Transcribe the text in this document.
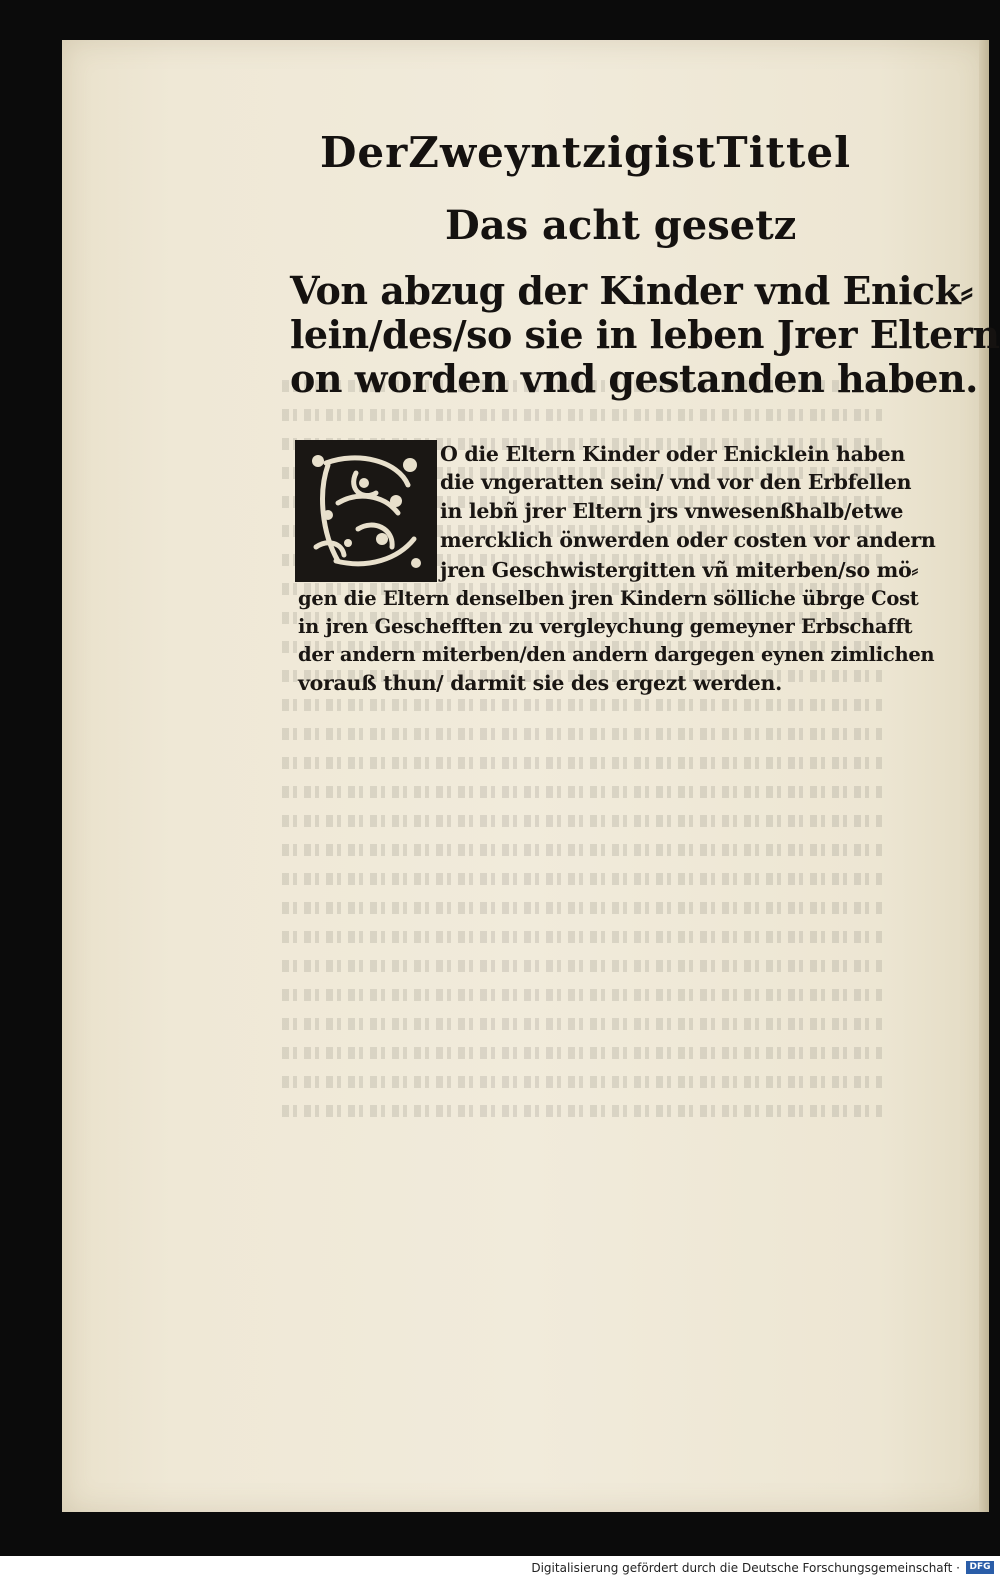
Der Zweyntzigist Tittel
Das acht gesetz
Von abzug der Kinder vnd Enick⸗
lein/des/so sie in leben Jrer Eltern
on worden vnd gestanden haben.
O die Eltern Kinder oder Enicklein haben
die vngeratten sein/ vnd vor den Erbfellen
in lebñ jrer Eltern jrs vnwesenßhalb/etwe
mercklich önwerden oder costen vor andern
jren Geschwistergitten vñ miterben/so mö⸗
gen die Eltern denselben jren Kindern sölliche übrge Cost
in jren Geschefften zu vergleychung gemeyner Erbschafft
der andern miterben/den andern dargegen eynen zimlichen
vorauß thun/ darmit sie des ergezt werden.
Digitalisierung gefördert durch die Deutsche Forschungsgemeinschaft ·	DFG
